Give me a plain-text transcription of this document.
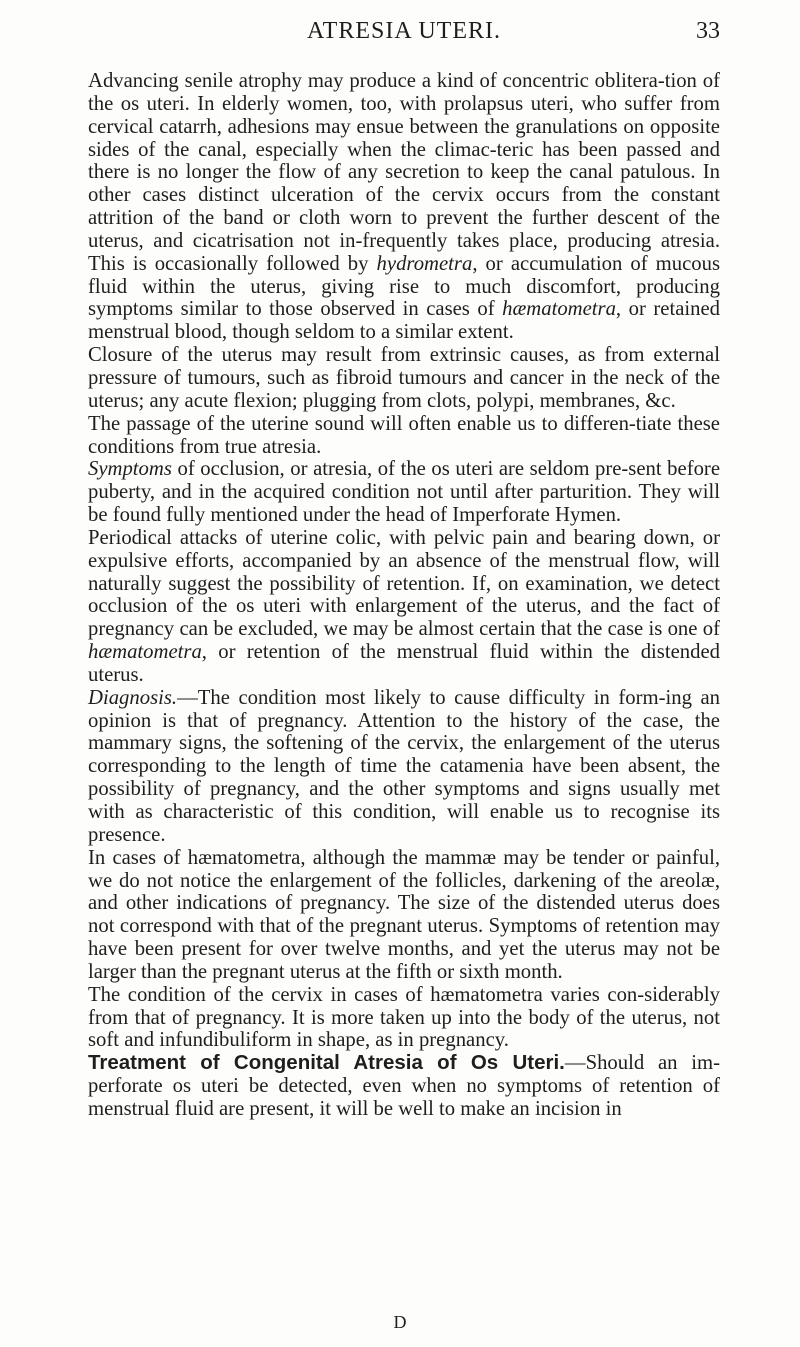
ATRESIA UTERI.	33

Advancing senile atrophy may produce a kind of concentric oblitera-tion of the os uteri. In elderly women, too, with prolapsus uteri, who suffer from cervical catarrh, adhesions may ensue between the granulations on opposite sides of the canal, especially when the climac-teric has been passed and there is no longer the flow of any secretion to keep the canal patulous. In other cases distinct ulceration of the cervix occurs from the constant attrition of the band or cloth worn to prevent the further descent of the uterus, and cicatrisation not in-frequently takes place, producing atresia. This is occasionally followed by hydrometra, or accumulation of mucous fluid within the uterus, giving rise to much discomfort, producing symptoms similar to those observed in cases of hæmatometra, or retained menstrual blood, though seldom to a similar extent.

Closure of the uterus may result from extrinsic causes, as from external pressure of tumours, such as fibroid tumours and cancer in the neck of the uterus; any acute flexion; plugging from clots, polypi, membranes, &c.

The passage of the uterine sound will often enable us to differen-tiate these conditions from true atresia.

Symptoms of occlusion, or atresia, of the os uteri are seldom pre-sent before puberty, and in the acquired condition not until after parturition. They will be found fully mentioned under the head of Imperforate Hymen.

Periodical attacks of uterine colic, with pelvic pain and bearing down, or expulsive efforts, accompanied by an absence of the menstrual flow, will naturally suggest the possibility of retention. If, on examination, we detect occlusion of the os uteri with enlargement of the uterus, and the fact of pregnancy can be excluded, we may be almost certain that the case is one of hæmatometra, or retention of the menstrual fluid within the distended uterus.

Diagnosis.—The condition most likely to cause difficulty in form-ing an opinion is that of pregnancy. Attention to the history of the case, the mammary signs, the softening of the cervix, the enlargement of the uterus corresponding to the length of time the catamenia have been absent, the possibility of pregnancy, and the other symptoms and signs usually met with as characteristic of this condition, will enable us to recognise its presence.

In cases of hæmatometra, although the mammæ may be tender or painful, we do not notice the enlargement of the follicles, darkening of the areolæ, and other indications of pregnancy. The size of the distended uterus does not correspond with that of the pregnant uterus. Symptoms of retention may have been present for over twelve months, and yet the uterus may not be larger than the pregnant uterus at the fifth or sixth month.

The condition of the cervix in cases of hæmatometra varies con-siderably from that of pregnancy. It is more taken up into the body of the uterus, not soft and infundibuliform in shape, as in pregnancy.

Treatment of Congenital Atresia of Os Uteri.—Should an im-perforate os uteri be detected, even when no symptoms of retention of menstrual fluid are present, it will be well to make an incision in

D
